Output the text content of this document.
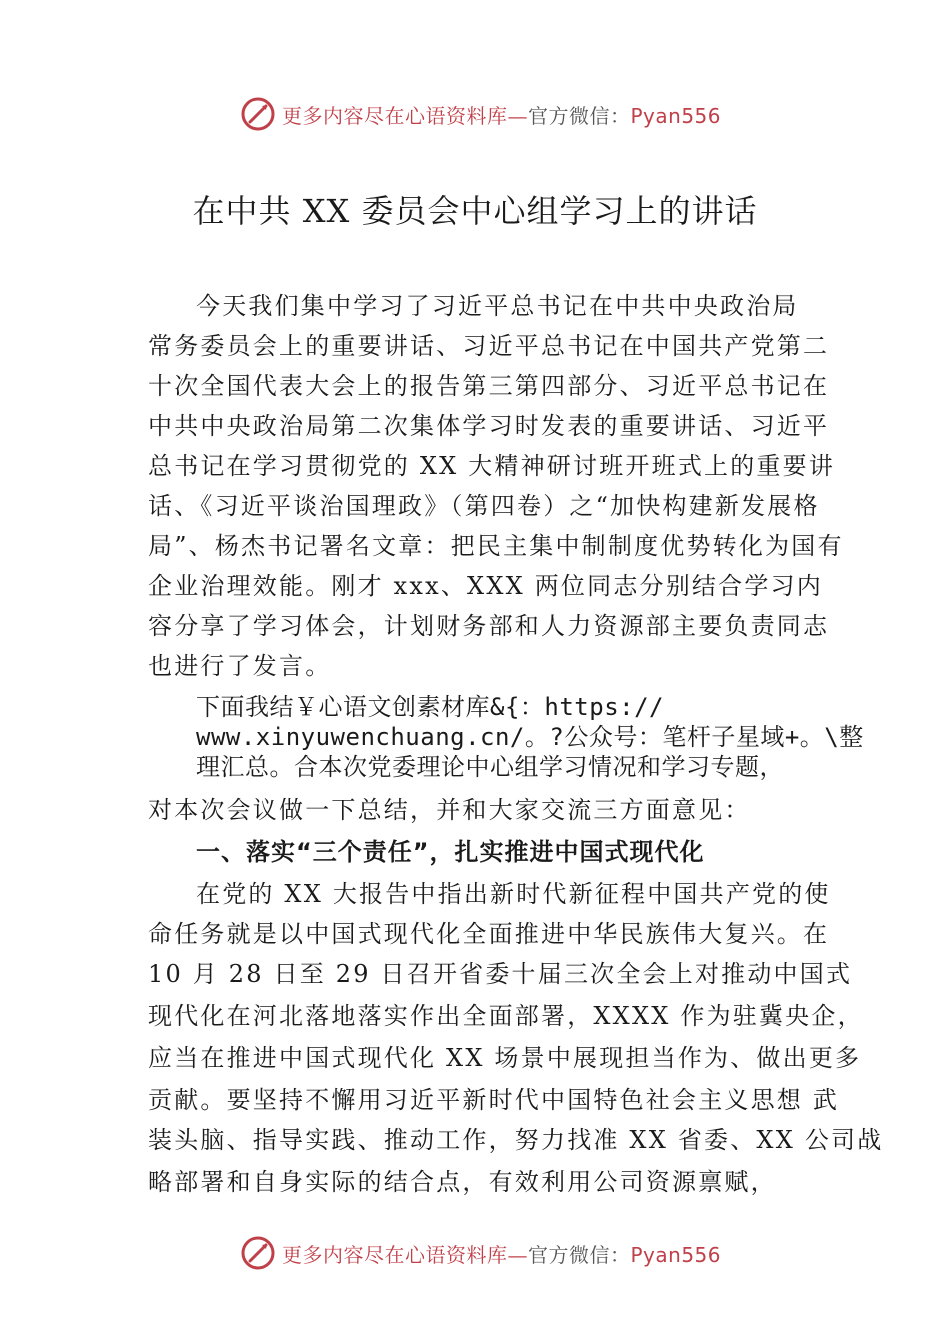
更多内容尽在心语资料库—官方微信：Pyan556
在中共 XX 委员会中心组学习上的讲话
今天我们集中学习了习近平总书记在中共中央政治局
常务委员会上的重要讲话、习近平总书记在中国共产党第二
十次全国代表大会上的报告第三第四部分、习近平总书记在
中共中央政治局第二次集体学习时发表的重要讲话、习近平
总书记在学习贯彻党的 XX 大精神研讨班开班式上的重要讲
话、《习近平谈治国理政》（第四卷）之“加快构建新发展格
局”、杨杰书记署名文章：把民主集中制制度优势转化为国有
企业治理效能。刚才 xxx、XXX 两位同志分别结合学习内
容分享了学习体会，计划财务部和人力资源部主要负责同志
也进行了发言。
下面我结￥心语文创素材库&{：https://
www.xinyuwenchuang.cn/。?公众号：笔杆子星域+。\整
理汇总。合本次党委理论中心组学习情况和学习专题，
对本次会议做一下总结，并和大家交流三方面意见：
一、落实“三个责任”，扎实推进中国式现代化
在党的 XX 大报告中指出新时代新征程中国共产党的使
命任务就是以中国式现代化全面推进中华民族伟大复兴。在
10 月 28 日至 29 日召开省委十届三次全会上对推动中国式
现代化在河北落地落实作出全面部署，XXXX 作为驻冀央企，
应当在推进中国式现代化 XX 场景中展现担当作为、做出更多
贡献。要坚持不懈用习近平新时代中国特色社会主义思想 武
装头脑、指导实践、推动工作，努力找准 XX 省委、XX 公司战
略部署和自身实际的结合点，有效利用公司资源禀赋，
更多内容尽在心语资料库—官方微信：Pyan556
